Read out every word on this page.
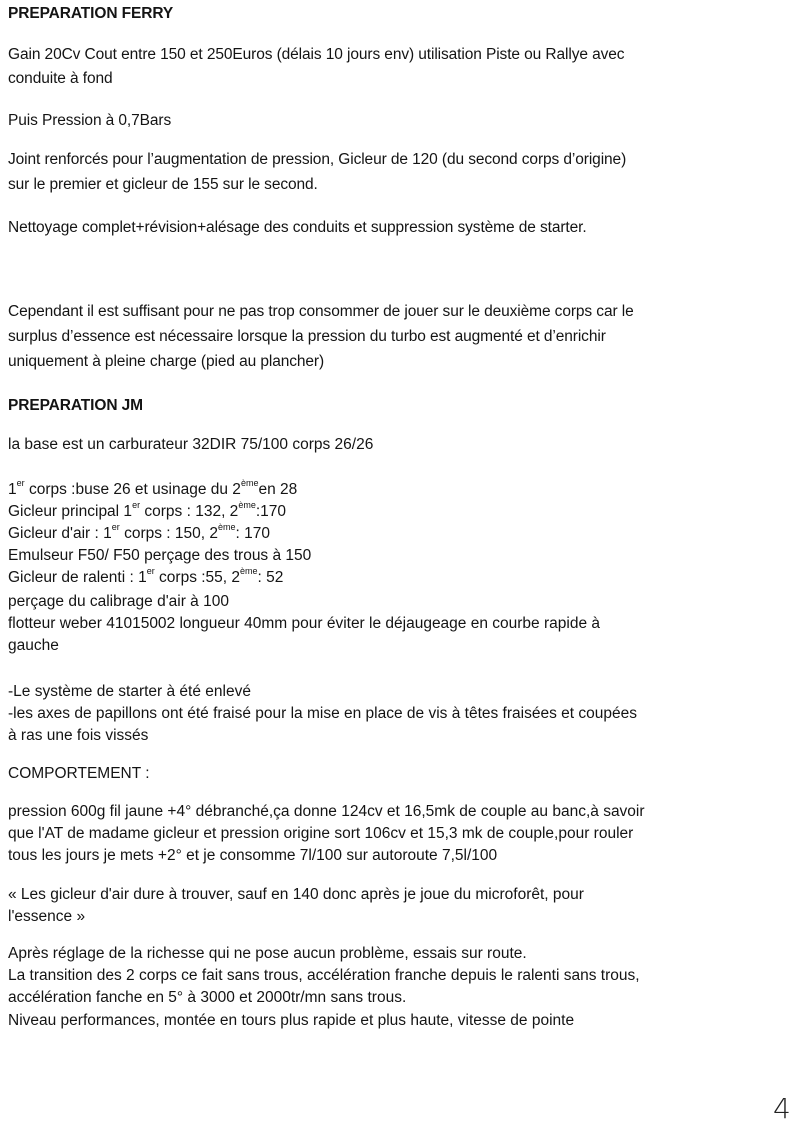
PREPARATION FERRY
Gain 20Cv Cout entre 150 et 250Euros (délais 10 jours env) utilisation Piste ou Rallye avec
conduite à fond
Puis Pression à 0,7Bars
Joint renforcés pour l’augmentation de pression, Gicleur de 120 (du second corps d’origine)
sur le premier et gicleur de 155 sur le second.
Nettoyage complet+révision+alésage des conduits et suppression système de starter.
Cependant il est suffisant pour ne pas trop consommer de jouer sur le deuxième corps car le
surplus d’essence est nécessaire lorsque la pression du turbo est augmenté et d’enrichir
uniquement à pleine charge (pied au plancher)
PREPARATION JM
la base est un carburateur 32DIR 75/100 corps 26/26
1er corps :buse 26 et usinage du 2èmeen 28
Gicleur principal 1er corps : 132, 2ème:170
Gicleur d'air : 1er corps : 150, 2ème: 170
Emulseur F50/ F50 perçage des trous à 150
Gicleur de ralenti : 1er corps :55, 2ème: 52
perçage du calibrage d'air à 100
flotteur weber 41015002 longueur 40mm pour éviter le déjaugeage en courbe rapide à
gauche
-Le système de starter à été enlevé
-les axes de papillons ont été fraisé pour la mise en place de vis à têtes fraisées et coupées
à ras une fois vissés
COMPORTEMENT :
pression 600g fil jaune +4° débranché,ça donne 124cv et 16,5mk de couple au banc,à savoir
que l'AT de madame gicleur et pression origine sort 106cv et 15,3 mk de couple,pour rouler
tous les jours je mets +2° et je consomme 7l/100 sur autoroute 7,5l/100
« Les gicleur d'air dure à trouver, sauf en 140 donc après je joue du microforêt, pour
l'essence »
Après réglage de la richesse qui ne pose aucun problème, essais sur route.
La transition des 2 corps ce fait sans trous, accélération franche depuis le ralenti sans trous,
accélération fanche en 5° à 3000 et 2000tr/mn sans trous.
Niveau performances, montée en tours plus rapide et plus haute, vitesse de pointe
4
